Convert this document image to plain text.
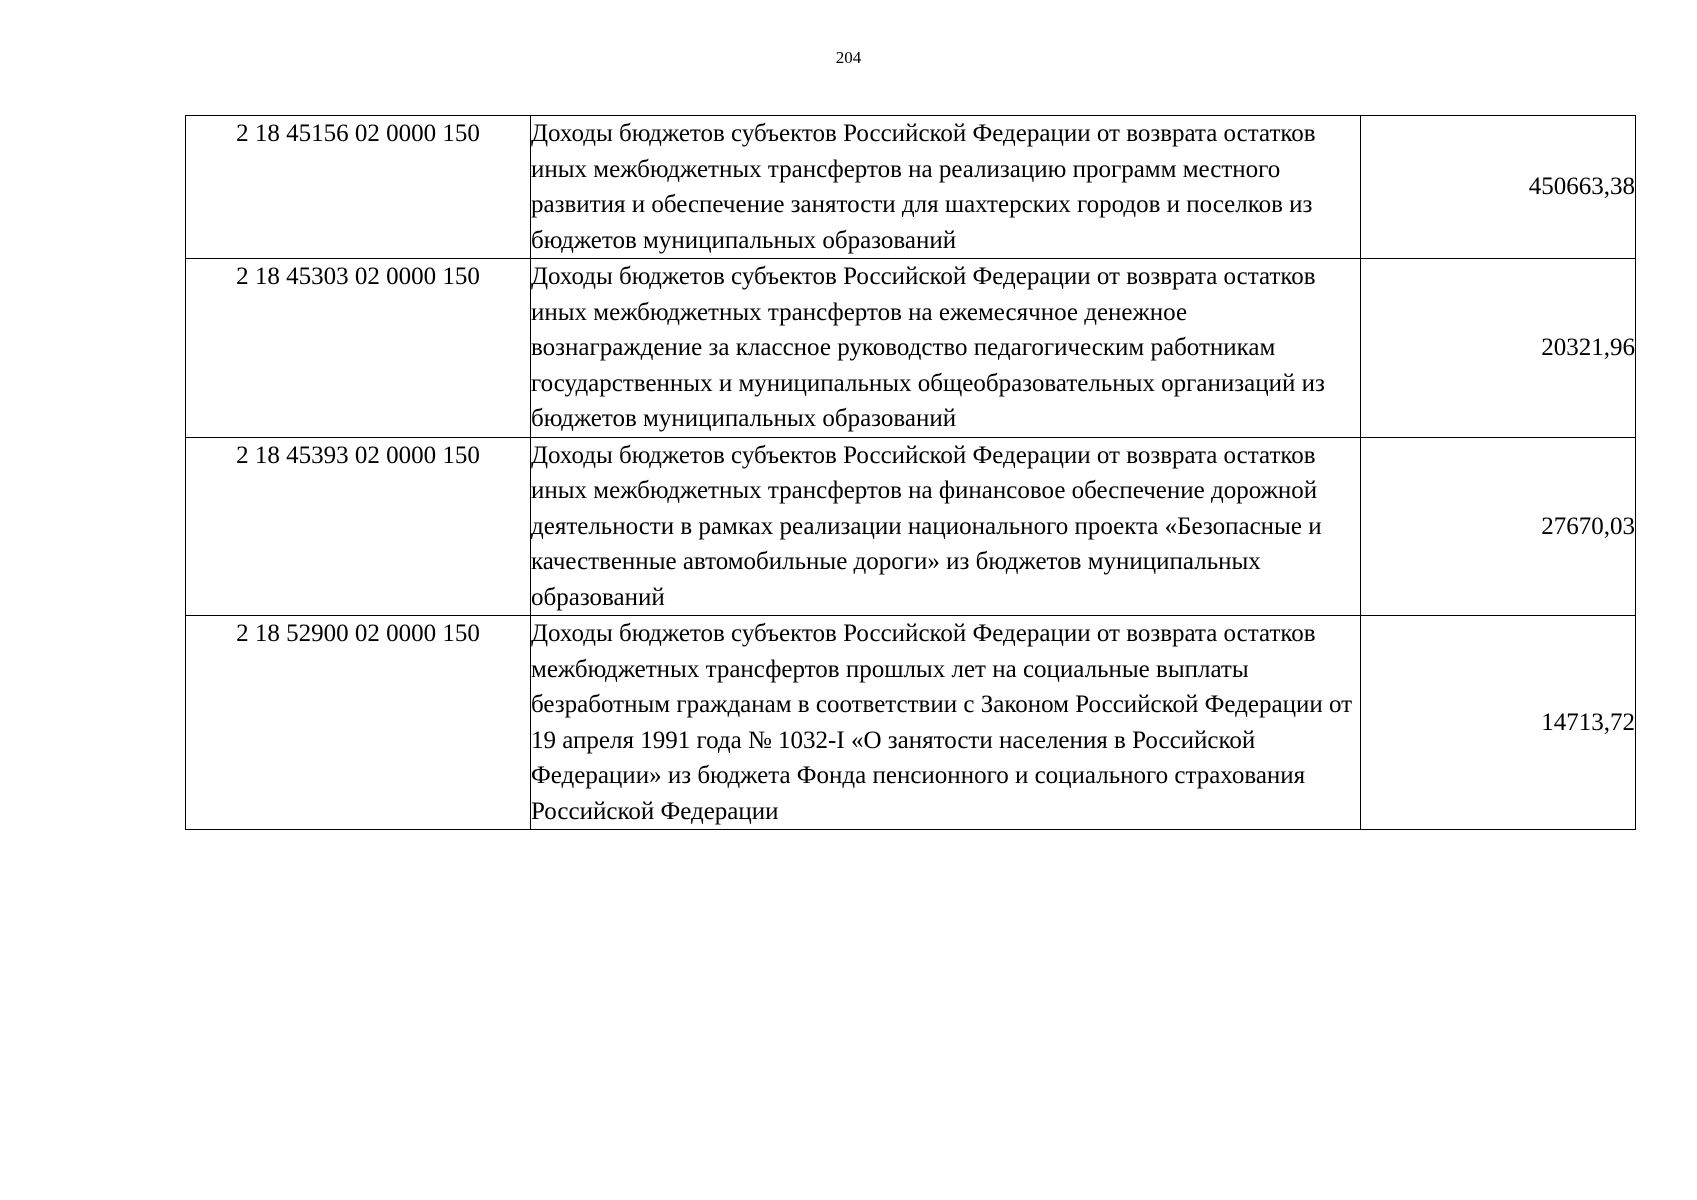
204
2 18 45156 02 0000 150	Доходы бюджетов субъектов Российской Федерации от возврата остатков иных межбюджетных трансфертов на реализацию программ местного развития и обеспечение занятости для шахтерских городов и поселков из бюджетов муниципальных образований	450663,38
2 18 45303 02 0000 150	Доходы бюджетов субъектов Российской Федерации от возврата остатков иных межбюджетных трансфертов на ежемесячное денежное вознаграждение за классное руководство педагогическим работникам государственных и муниципальных общеобразовательных организаций из бюджетов муниципальных образований	20321,96
2 18 45393 02 0000 150	Доходы бюджетов субъектов Российской Федерации от возврата остатков иных межбюджетных трансфертов на финансовое обеспечение дорожной деятельности в рамках реализации национального проекта «Безопасные и качественные автомобильные дороги» из бюджетов муниципальных образований	27670,03
2 18 52900 02 0000 150	Доходы бюджетов субъектов Российской Федерации от возврата остатков межбюджетных трансфертов прошлых лет на социальные выплаты безработным гражданам в соответствии с Законом Российской Федерации от 19 апреля 1991 года № 1032-I «О занятости населения в Российской Федерации» из бюджета Фонда пенсионного и социального страхования Российской Федерации	14713,72
